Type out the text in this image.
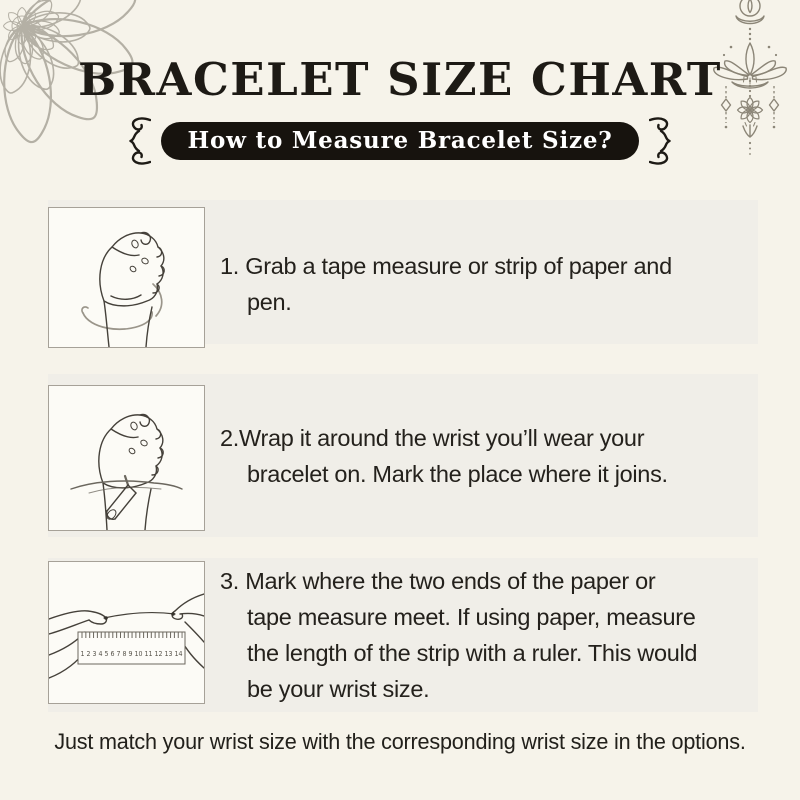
BRACELET SIZE CHART
How to Measure Bracelet Size?

1. Grab a tape measure or strip of paper and

pen.

2.Wrap it around the wrist you’ll wear your

bracelet on. Mark the place where it joins.

1 2 3 4 5 6 7 8 9 10 11 12 13 14

3. Mark where the two ends of the paper or

tape measure meet. If using paper, measure

the length of the strip with a ruler. This would

be your wrist size.

Just match your wrist size with the corresponding wrist size in the options.
